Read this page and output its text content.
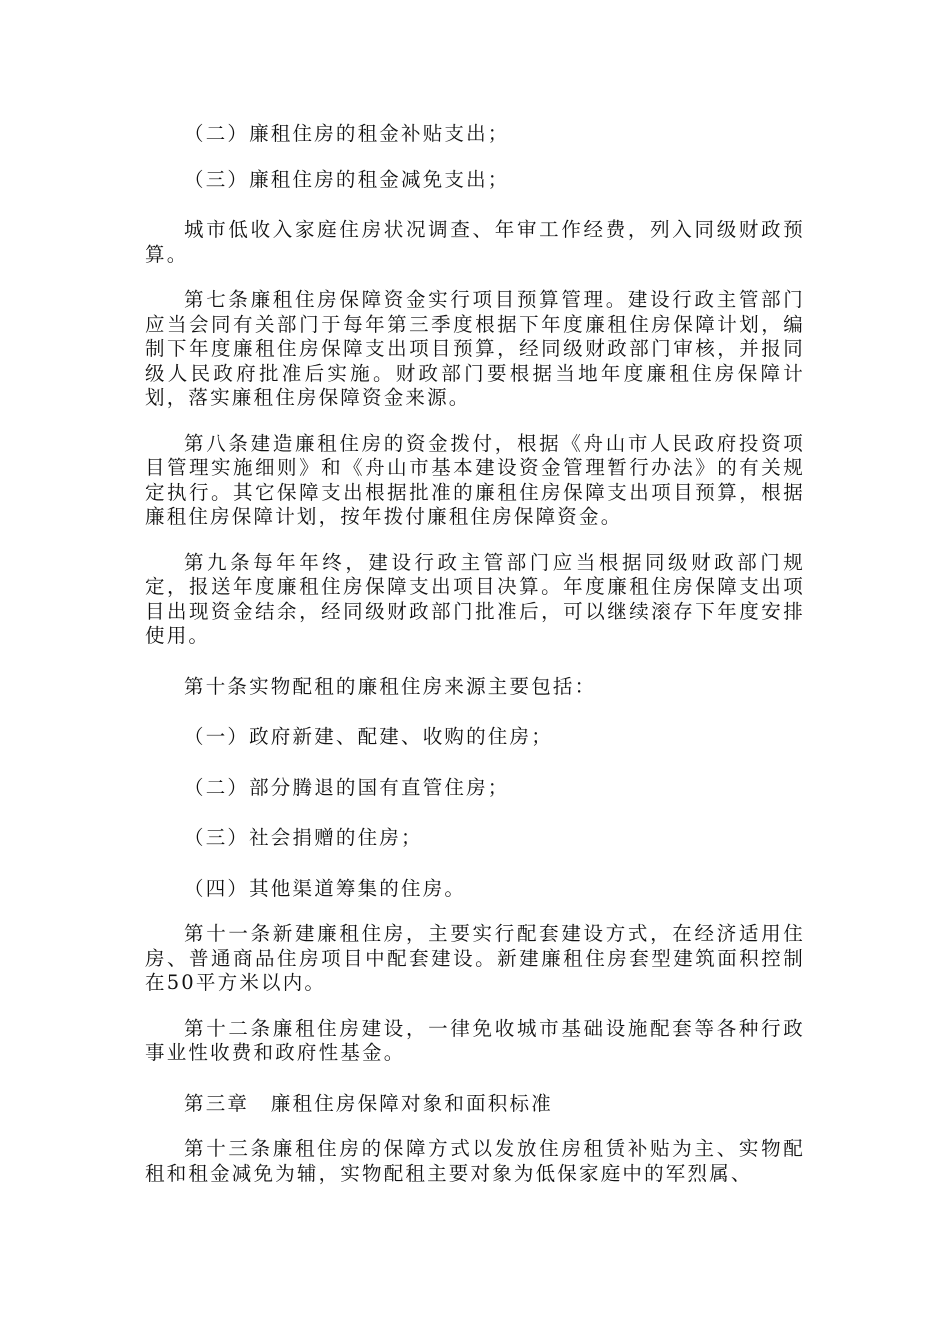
（二）廉租住房的租金补贴支出；

（三）廉租住房的租金减免支出；

城市低收入家庭住房状况调查、年审工作经费，列入同级财政预算。

第七条廉租住房保障资金实行项目预算管理。建设行政主管部门应当会同有关部门于每年第三季度根据下年度廉租住房保障计划，编制下年度廉租住房保障支出项目预算，经同级财政部门审核，并报同级人民政府批准后实施。财政部门要根据当地年度廉租住房保障计划，落实廉租住房保障资金来源。

第八条建造廉租住房的资金拨付，根据《舟山市人民政府投资项目管理实施细则》和《舟山市基本建设资金管理暂行办法》的有关规定执行。其它保障支出根据批准的廉租住房保障支出项目预算，根据廉租住房保障计划，按年拨付廉租住房保障资金。

第九条每年年终，建设行政主管部门应当根据同级财政部门规定，报送年度廉租住房保障支出项目决算。年度廉租住房保障支出项目出现资金结余，经同级财政部门批准后，可以继续滚存下年度安排使用。

第十条实物配租的廉租住房来源主要包括：

（一）政府新建、配建、收购的住房；

（二）部分腾退的国有直管住房；

（三）社会捐赠的住房；

（四）其他渠道筹集的住房。

第十一条新建廉租住房，主要实行配套建设方式，在经济适用住房、普通商品住房项目中配套建设。新建廉租住房套型建筑面积控制在50平方米以内。

第十二条廉租住房建设，一律免收城市基础设施配套等各种行政事业性收费和政府性基金。

第三章　廉租住房保障对象和面积标准

第十三条廉租住房的保障方式以发放住房租赁补贴为主、实物配租和租金减免为辅，实物配租主要对象为低保家庭中的军烈属、
